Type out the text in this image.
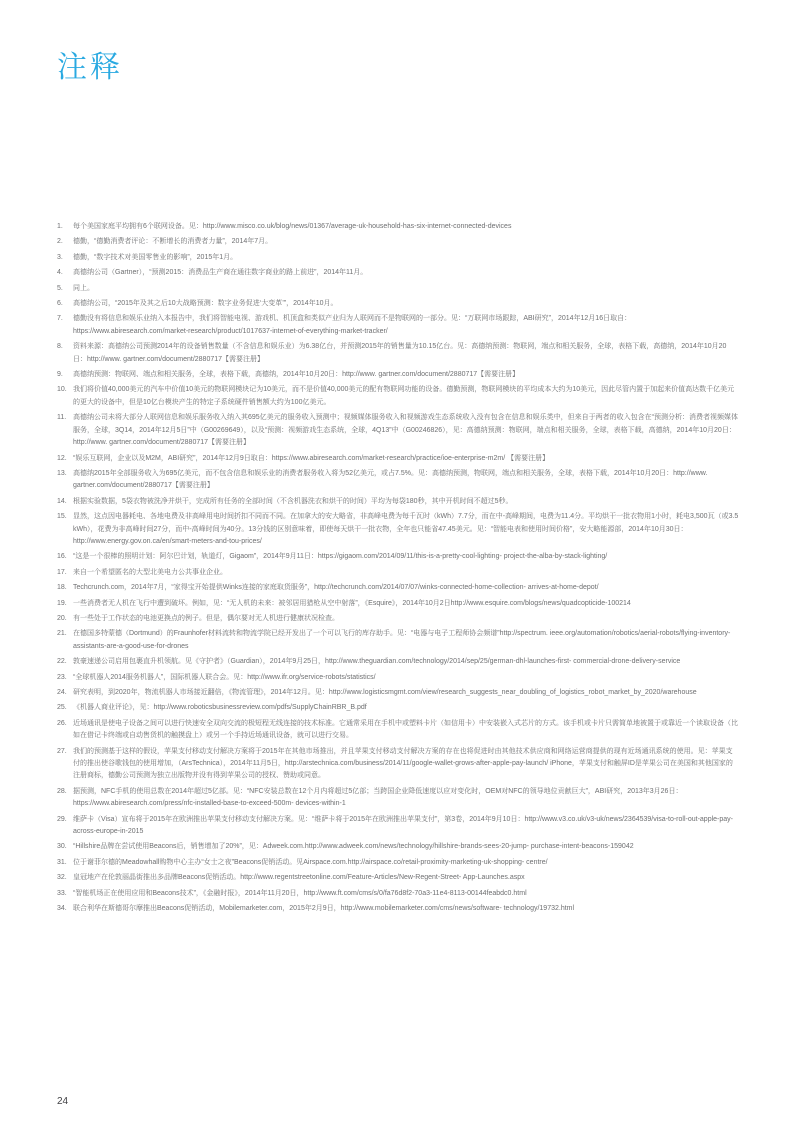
注释
1.	每个美国家庭平均拥有6个联网设备。见：http://www.misco.co.uk/blog/news/01367/average-uk-household-has-six-internet-connected-devices
2.	德勤，“德勤消费者评论：不断增长的消费者力量”，2014年7月。
3.	德勤，“数字技术对美国零售业的影响”，2015年1月。
4.	高德纳公司（Gartner），“预测2015：消费品生产商在通往数字商业的路上前进”，2014年11月。
5.	同上。
6.	高德纳公司，“2015年及其之后10大战略预测：数字业务促进‘大变革’”，2014年10月。
7.	德勤没有将信息和娱乐业纳入本报告中，我们将智能电视、游戏机、机顶盒和类似产业归为人联网而不是物联网的一部分。见：“万联网市场跟踪，ABI研究”，2014年12月16日取自：https://www.abiresearch.com/market-research/product/1017637-internet-of-everything-market-tracker/
8.	资料来源：高德纳公司预测2014年的设备销售数量（不含信息和娱乐业）为6.38亿台，并预测2015年的销售量为10.15亿台。见：高德纳预测：物联网，端点和相关服务，全球，表格下载，高德纳，2014年10月20日：http://www. gartner.com/document/2880717【需要注册】
9.	高德纳预测：物联网、端点和相关服务，全球，表格下载，高德纳，2014年10月20日：http://www. gartner.com/document/2880717【需要注册】
10. 我们将价值40,000美元的汽车中价值10美元的物联网模块记为10美元，而不是价值40,000美元的配有物联网功能的设备。德勤预测，物联网模块的平均成本大约为10美元，因此尽管内置于加起来价值高达数千亿美元的更大的设备中，但是10亿台模块产生的特定子系统硬件销售额大约为100亿美元。
11. 高德纳公司未将大部分人联网信息和娱乐服务收入纳入其695亿美元的服务收入预测中；视频媒体服务收入和视频游戏生态系统收入没有包含在信息和娱乐类中，但来自于两者的收入包含在“预测分析：消费者视频媒体服务，全球，3Q14，2014年12月5日”中（G00269649），以及“预测：视频游戏生态系统，全球，4Q13”中（G00246826），见：高德纳预测：物联网，端点和相关服务，全球，表格下载，高德纳，2014年10月20日：http://www. gartner.com/document/2880717【需要注册】
12. “娱乐互联网，企业以及M2M，ABI研究”，2014年12月9日取自：https://www.abiresearch.com/market-research/practice/ioe-enterprise-m2m/ 【需要注册】
13. 高德纳2015年全部服务收入为695亿美元，而不包含信息和娱乐业的消费者服务收入将为52亿美元，或占7.5%。见：高德纳预测，物联网，端点和相关服务，全球，表格下载，2014年10月20日：http://www. gartner.com/document/2880717【需要注册】
14. 根据实验数据，5袋衣物被洗净并烘干，完成所有任务的全部时间（不含机器洗衣和烘干的时间）平均为每袋180秒，其中开机时间不超过5秒。
15. 显然，这点因电器耗电、各地电费及非高峰用电时间折扣不同而不同。在加拿大的安大略省，非高峰电费为每千瓦时（kWh）7.7分，而在中-高峰期间，电费为11.4分。平均烘干一批衣物用1小时，耗电3,500瓦（或3.5 kWh），花费为非高峰时间27分，而中-高峰时间为40分。13分钱的区别意味着，即使每天烘干一批衣物，全年也只能省47.45美元。见：“智能电表和使用时间价格”，安大略能源部，2014年10月30日：http://www.energy.gov.on.ca/en/smart-meters-and-tou-prices/
16. “这是一个很棒的照明计划：阿尔巴计划，轨道灯，Gigaom”，2014年9月11日：https://gigaom.com/2014/09/11/this-is-a-pretty-cool-lighting- project-the-alba-by-stack-lighting/
17. 来自一个希望匿名的大型北美电力公共事业企业。
18. Techcrunch.com，2014年7月，“家得宝开始提供Winks连接的家庭取货服务”，http://techcrunch.com/2014/07/07/winks-connected-home-collection- arrives-at-home-depot/
19. 一些消费者无人机在飞行中遭到破坏。例如，见：“无人机的未来：被邻居用猎枪从空中射落”，《Esquire》，2014年10月2日http://www.esquire.com/blogs/news/quadcopticide-100214
20. 有一些处于工作状态的电池更换点的例子。但是，偶尔要对无人机进行健康状况检查。
21. 在德国多特蒙德（Dortmund）的Fraunhofer材料流转和物流学院已经开发出了一个可以飞行的库存助手。见：“电器与电子工程师协会频谱”http://spectrum. ieee.org/automation/robotics/aerial-robots/flying-inventory-assistants-are-a-good-use-for-drones
22. 敦豪速递公司启用包裹直升机领航。见《守护者》（Guardian），2014年9月25日，http://www.theguardian.com/technology/2014/sep/25/german-dhl-launches-first- commercial-drone-delivery-service
23. “全球机器人2014服务机器人”，国际机器人联合会。见：http://www.ifr.org/service-robots/statistics/
24. 研究表明，到2020年，物流机器人市场接近翻倍，《物流管理》，2014年12月。见：http://www.logisticsmgmt.com/view/research_suggests_near_doubling_of_logistics_robot_market_by_2020/warehouse
25. 《机器人商业评论》，见：http://www.roboticsbusinessreview.com/pdfs/SupplyChainRBR_B.pdf
26. 近场通讯是使电子设备之间可以进行快速安全双向交流的极短程无线连接的技术标准。它通常采用在手机中或塑料卡片（如信用卡）中安装嵌入式芯片的方式。该手机或卡片只需简单地被置于或靠近一个读取设备（比如在借记卡终端或自动售货机的触摸盘上）或另一个手持近场通讯设备，就可以进行交易。
27. 我们的预测基于这样的假设，苹果支付移动支付解决方案将于2015年在其他市场推出，并且苹果支付移动支付解决方案的存在也将促进时由其他技术供应商和网络运营商提供的现有近场通讯系统的使用。见：苹果支付的推出使谷歌钱包的使用增加，（ArsTechnica），2014年11月5日，http://arstechnica.com/business/2014/11/google-wallet-grows-after-apple-pay-launch/ iPhone，苹果支付和触屏ID是苹果公司在美国和其他国家的注册商标，德勤公司预测为独立出版物并没有得到苹果公司的授权、赞助或同意。
28. 据预测，NFC手机的使用总数在2014年超过5亿部。见：“NFC安装总数在12个月内将超过5亿部；当跨国企业降低速度以应对变化时，OEM对NFC的领导地位贡献巨大”，ABI研究，2013年3月26日：https://www.abiresearch.com/press/nfc-installed-base-to-exceed-500m- devices-within-1
29. 维萨卡（Visa）宣布将于2015年在欧洲推出苹果支付移动支付解决方案。见：“维萨卡将于2015年在欧洲推出苹果支付”，第3卷，2014年9月10日：http://www.v3.co.uk/v3-uk/news/2364539/visa-to-roll-out-apple-pay-across-europe-in-2015
30. “Hillshire品牌在尝试使用Beacons后，销售增加了20%”，见：Adweek.com.http://www.adweek.com/news/technology/hillshire-brands-sees-20-jump- purchase-intent-beacons-159042
31. 位于谢菲尔德的Meadowhall购物中心主办“女士之夜”Beacons促销活动。见Airspace.com.http://airspace.co/retail-proximity-marketing-uk-shopping- centre/
32. 皇冠地产在伦敦丽晶街推出多品牌Beacons促销活动。http://www.regentstreetonline.com/Feature-Articles/New-Regent-Street- App-Launches.aspx
33. “智能机场正在使用应用和Beacons技术”，《金融时报》，2014年11月20日，http://www.ft.com/cms/s/0/fa76d8f2-70a3-11e4-8113-00144feabdc0.html
34. 联合利华在斯德哥尔摩推出Beacons促销活动，Mobilemarketer.com，2015年2月9日，http://www.mobilemarketer.com/cms/news/software- technology/19732.html
24
